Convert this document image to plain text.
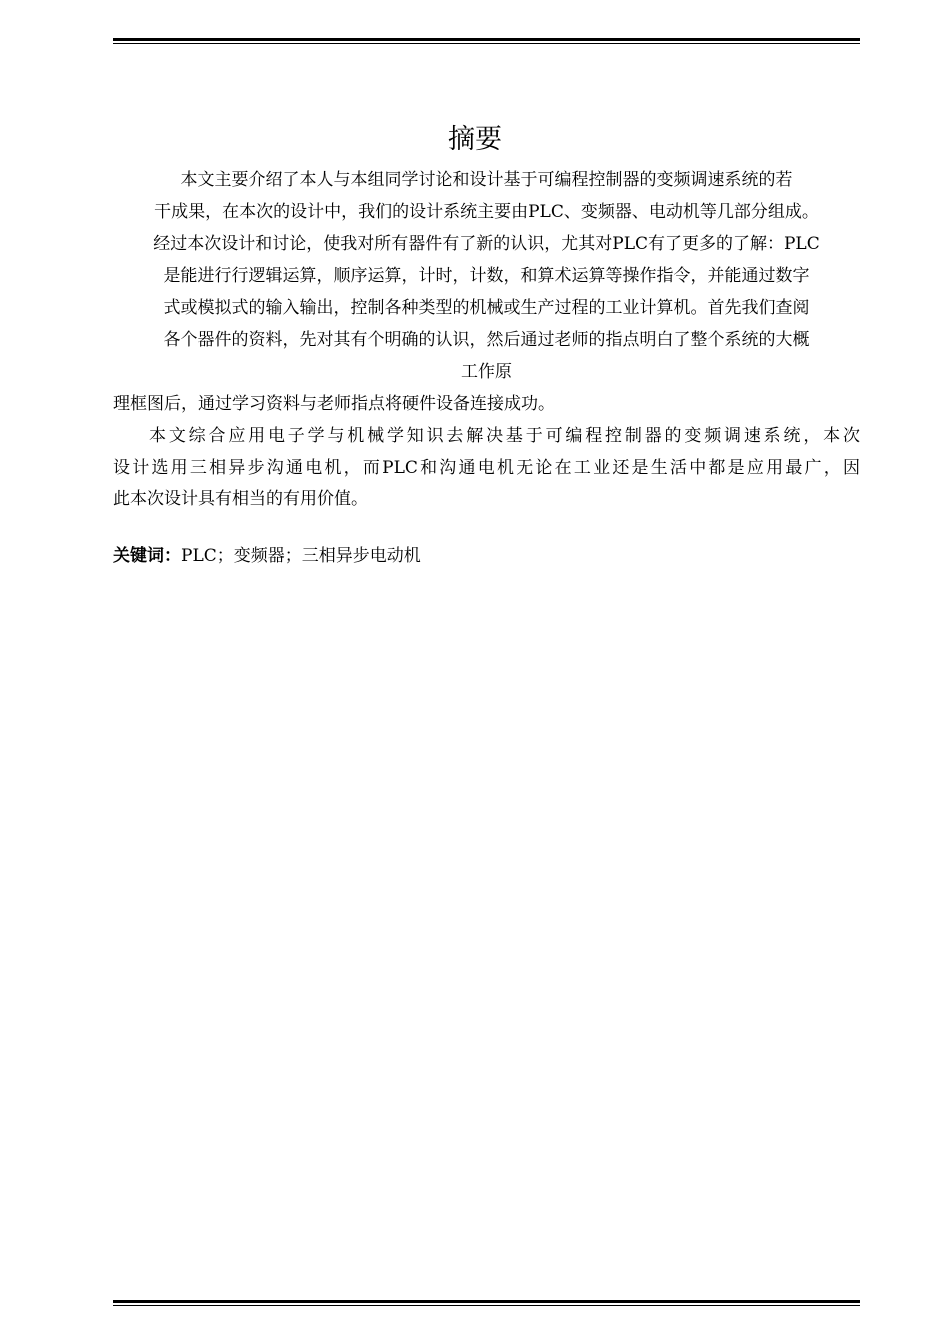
摘要
本文主要介绍了本人与本组同学讨论和设计基于可编程控制器的变频调速系统的若
干成果，在本次的设计中，我们的设计系统主要由PLC、变频器、电动机等几部分组成。
经过本次设计和讨论，使我对所有器件有了新的认识，尤其对PLC有了更多的了解：PLC
是能进行行逻辑运算，顺序运算，计时，计数，和算术运算等操作指令，并能通过数字
式或模拟式的输入输出，控制各种类型的机械或生产过程的工业计算机。首先我们查阅
各个器件的资料，先对其有个明确的认识，然后通过老师的指点明白了整个系统的大概
工作原
理框图后，通过学习资料与老师指点将硬件设备连接成功。
本文综合应用电子学与机械学知识去解决基于可编程控制器的变频调速系统，本次
设计选用三相异步沟通电机，而PLC和沟通电机无论在工业还是生活中都是应用最广，因
此本次设计具有相当的有用价值。
关键词：PLC；变频器；三相异步电动机
